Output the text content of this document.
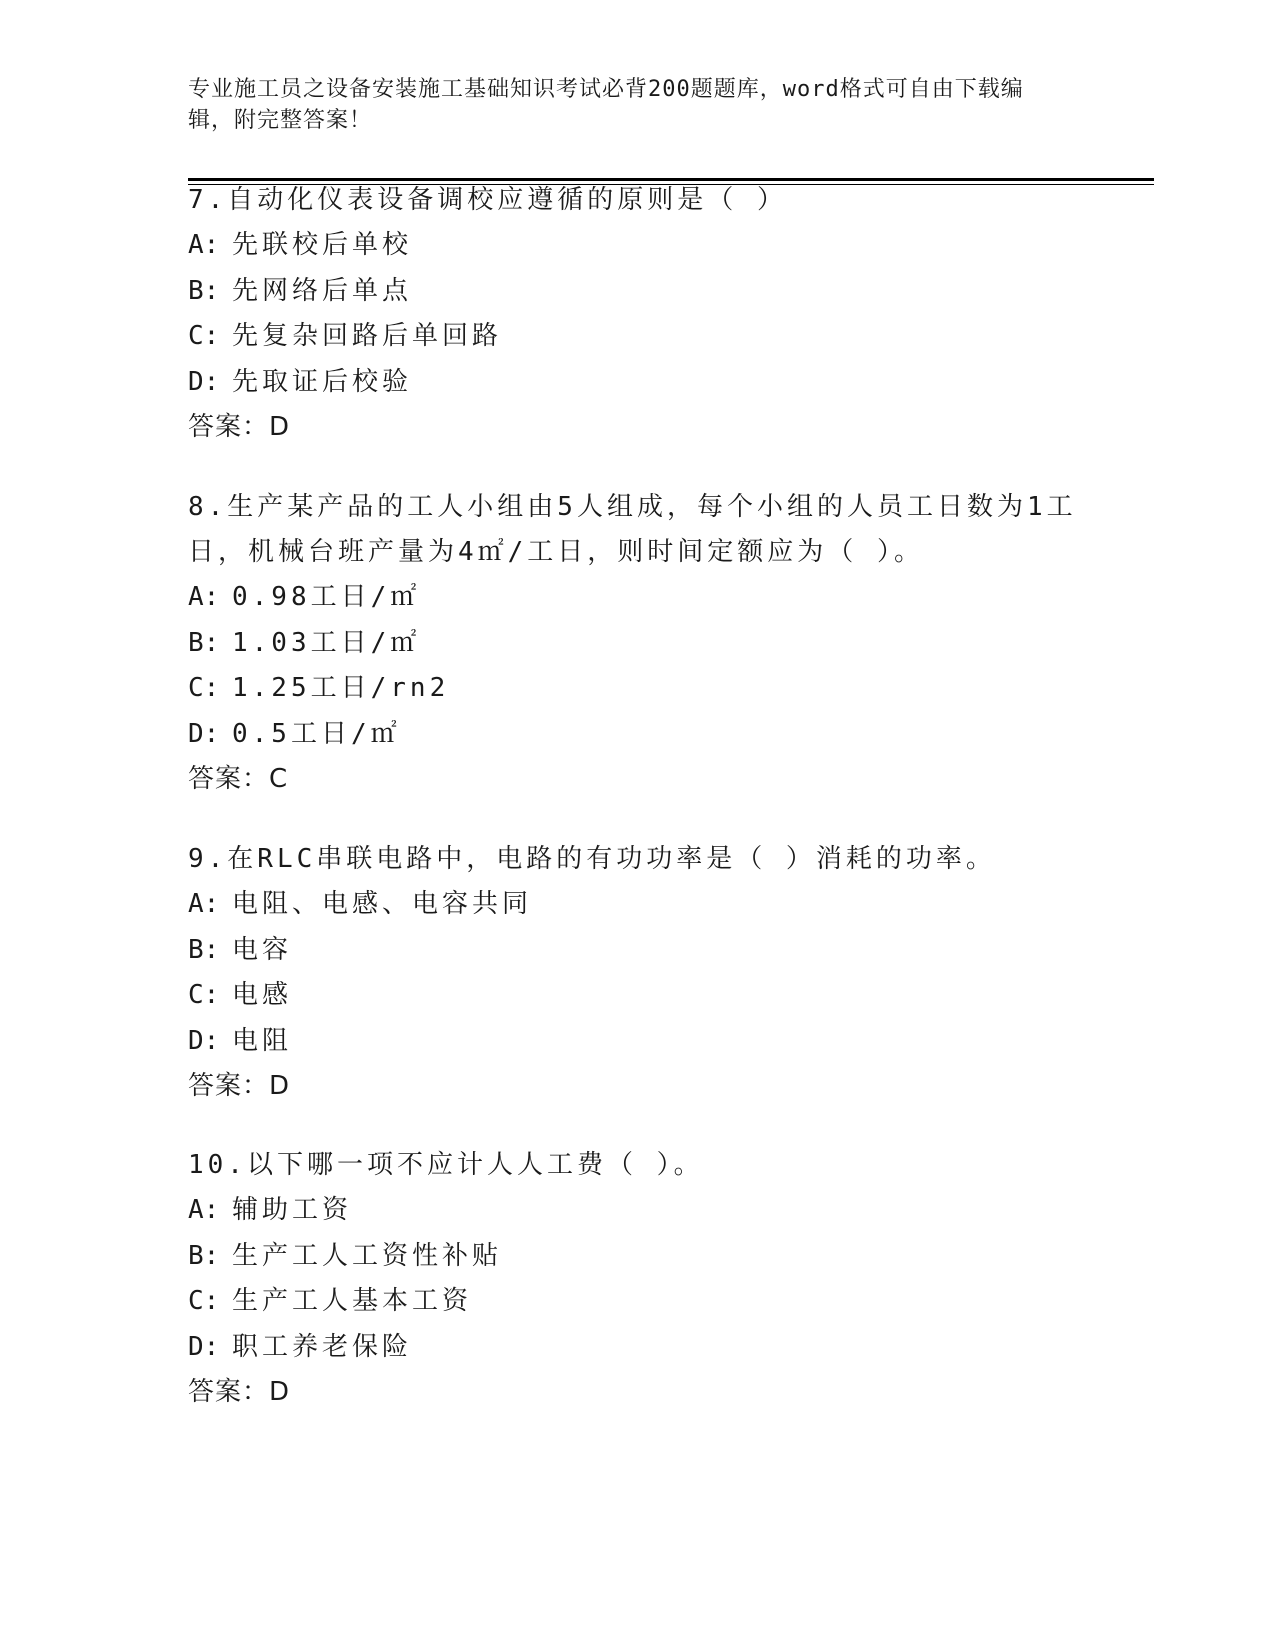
专业施工员之设备安装施工基础知识考试必背200题题库，word格式可自由下载编辑，附完整答案！
7.自动化仪表设备调校应遵循的原则是（ ）
A: 先联校后单校
B: 先网络后单点
C: 先复杂回路后单回路
D: 先取证后校验
答案：D
8.生产某产品的工人小组由5人组成，每个小组的人员工日数为1工日，机械台班产量为4㎡/工日，则时间定额应为（ ）。
A: 0.98工日/㎡
B: 1.03工日/㎡
C: 1.25工日/rn2
D: 0.5工日/㎡
答案：C
9.在RLC串联电路中，电路的有功功率是（ ）消耗的功率。
A: 电阻、电感、电容共同
B: 电容
C: 电感
D: 电阻
答案：D
10.以下哪一项不应计人人工费（ ）。
A: 辅助工资
B: 生产工人工资性补贴
C: 生产工人基本工资
D: 职工养老保险
答案：D
